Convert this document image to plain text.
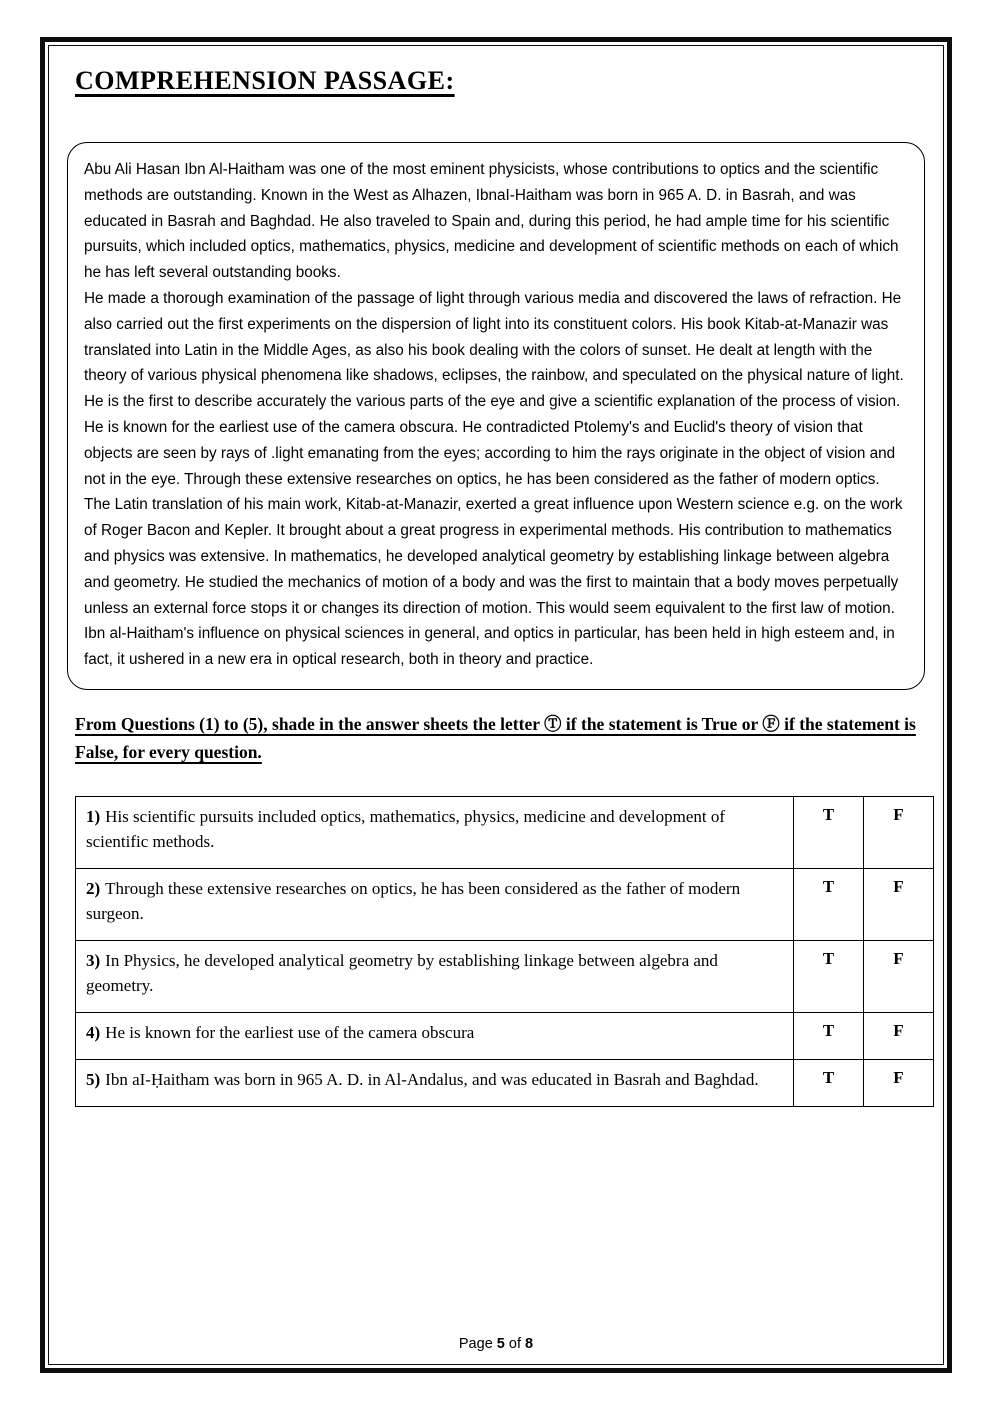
COMPREHENSION PASSAGE:

Abu Ali Hasan Ibn Al-Haitham was one of the most eminent physicists, whose contributions to optics and the scientific methods are outstanding. Known in the West as Alhazen, IbnaI-Haitham was born in 965 A. D. in Basrah, and was educated in Basrah and Baghdad. He also traveled to Spain and, during this period, he had ample time for his scientific pursuits, which included optics, mathematics, physics, medicine and development of scientific methods on each of which he has left several outstanding books.

He made a thorough examination of the passage of light through various media and discovered the laws of refraction. He also carried out the first experiments on the dispersion of light into its constituent colors. His book Kitab-at-Manazir was translated into Latin in the Middle Ages, as also his book dealing with the colors of sunset. He dealt at length with the theory of various physical phenomena like shadows, eclipses, the rainbow, and speculated on the physical nature of light. He is the first to describe accurately the various parts of the eye and give a scientific explanation of the process of vision. He is known for the earliest use of the camera obscura. He contradicted Ptolemy's and Euclid's theory of vision that objects are seen by rays of .light emanating from the eyes; according to him the rays originate in the object of vision and not in the eye. Through these extensive researches on optics, he has been considered as the father of modern optics.

The Latin translation of his main work, Kitab-at-Manazir, exerted a great influence upon Western science e.g. on the work of Roger Bacon and Kepler. It brought about a great progress in experimental methods. His contribution to mathematics and physics was extensive. In mathematics, he developed analytical geometry by establishing linkage between algebra and geometry. He studied the mechanics of motion of a body and was the first to maintain that a body moves perpetually unless an external force stops it or changes its direction of motion. This would seem equivalent to the first law of motion.

Ibn al-Haitham's influence on physical sciences in general, and optics in particular, has been held in high esteem and, in fact, it ushered in a new era in optical research, both in theory and practice.

From Questions (1) to (5), shade in the answer sheets the letter Ⓣ if the statement is True or Ⓕ if the statement is False, for every question.
1) His scientific pursuits included optics, mathematics, physics, medicine and development of scientific methods.	T	F
2) Through these extensive researches on optics, he has been considered as the father of modern surgeon.	T	F
3) In Physics, he developed analytical geometry by establishing linkage between algebra and geometry.	T	F
4) He is known for the earliest use of the camera obscura	T	F
5) Ibn aI-Ḥaitham was born in 965 A. D. in Al-Andalus, and was educated in Basrah and Baghdad.	T	F
Page 5 of 8
